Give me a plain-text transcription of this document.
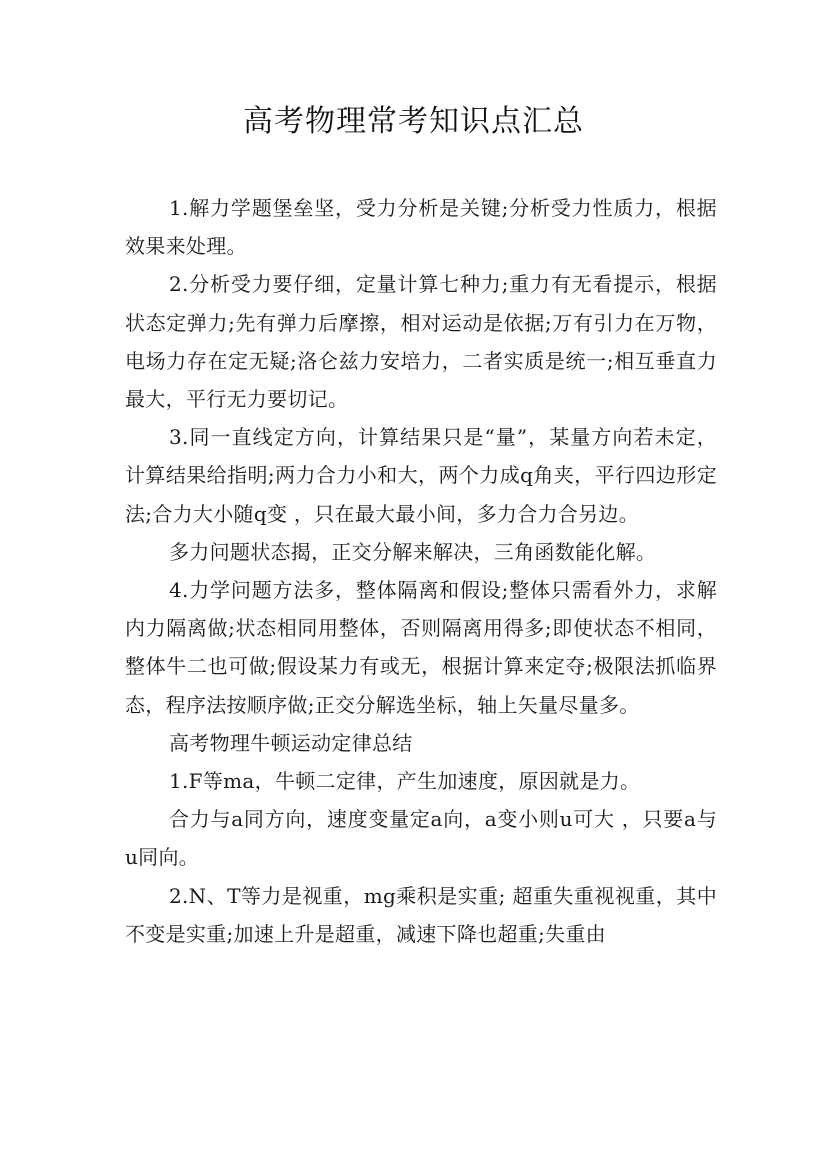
高考物理常考知识点汇总

1.解力学题堡垒坚，受力分析是关键;分析受力性质力，根据效果来处理。

2.分析受力要仔细，定量计算七种力;重力有无看提示，根据状态定弹力;先有弹力后摩擦，相对运动是依据;万有引力在万物，电场力存在定无疑;洛仑兹力安培力，二者实质是统一;相互垂直力最大，平行无力要切记。

3.同一直线定方向，计算结果只是“量”，某量方向若未定，计算结果给指明;两力合力小和大，两个力成q角夹，平行四边形定法;合力大小随q变 ，只在最大最小间，多力合力合另边。

多力问题状态揭，正交分解来解决，三角函数能化解。

4.力学问题方法多，整体隔离和假设;整体只需看外力，求解内力隔离做;状态相同用整体，否则隔离用得多;即使状态不相同，整体牛二也可做;假设某力有或无，根据计算来定夺;极限法抓临界态，程序法按顺序做;正交分解选坐标，轴上矢量尽量多。

高考物理牛顿运动定律总结

1.F等ma，牛顿二定律，产生加速度，原因就是力。

合力与a同方向，速度变量定a向，a变小则u可大 ，只要a与u同向。

2.N、T等力是视重，mg乘积是实重; 超重失重视视重，其中不变是实重;加速上升是超重，减速下降也超重;失重由
